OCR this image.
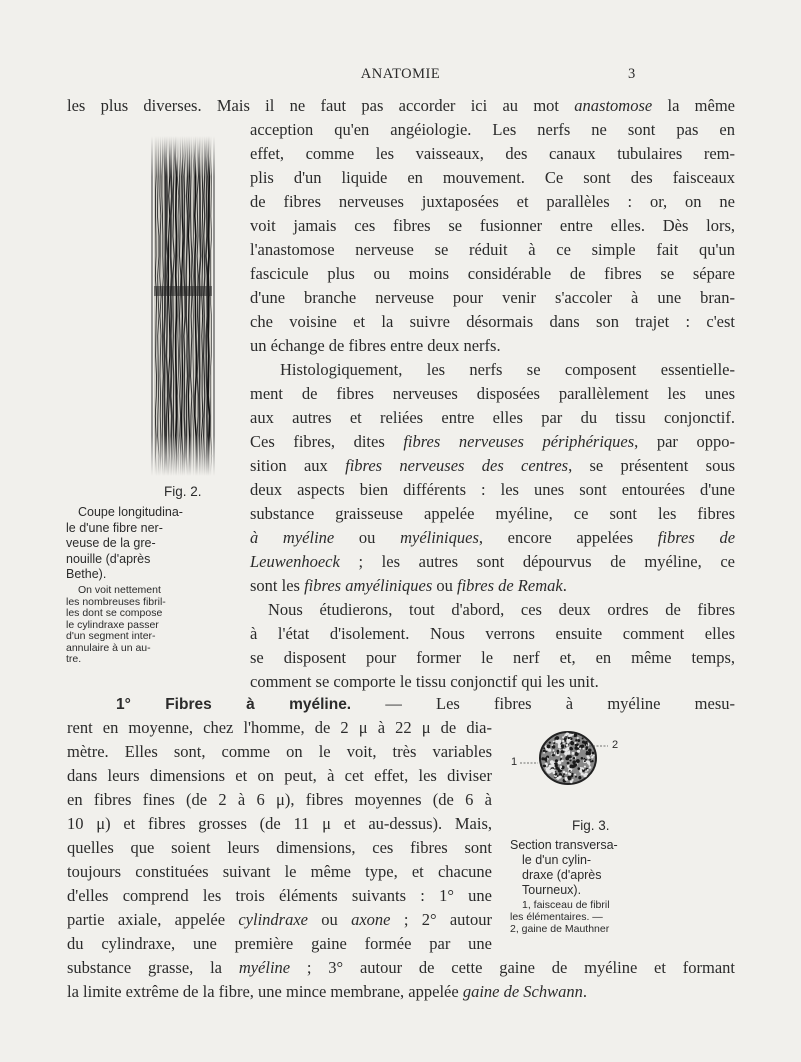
ANATOMIE	3
les plus diverses. Mais il ne faut pas accorder ici au mot anastomose la même
Fig. 2.
Coupe longitudina-
le d'une fibre ner-
veuse de la gre-
nouille (d'après
Bethe).
On voit nettement
les nombreuses fibril-
les dont se compose
le cylindraxe passer
d'un segment inter-
annulaire à un au-
tre.
acception qu'en angéiologie. Les nerfs ne sont pas en
effet, comme les vaisseaux, des canaux tubulaires rem-
plis d'un liquide en mouvement. Ce sont des faisceaux
de fibres nerveuses juxtaposées et parallèles : or, on ne
voit jamais ces fibres se fusionner entre elles. Dès lors,
l'anastomose nerveuse se réduit à ce simple fait qu'un
fascicule plus ou moins considérable de fibres se sépare
d'une branche nerveuse pour venir s'accoler à une bran-
che voisine et la suivre désormais dans son trajet : c'est
un échange de fibres entre deux nerfs.
Histologiquement, les nerfs se composent essentielle-
ment de fibres nerveuses disposées parallèlement les unes
aux autres et reliées entre elles par du tissu conjonctif.
Ces fibres, dites fibres nerveuses périphériques, par oppo-
sition aux fibres nerveuses des centres, se présentent sous
deux aspects bien différents : les unes sont entourées d'une
substance graisseuse appelée myéline, ce sont les fibres
à myéline ou myéliniques, encore appelées fibres de
Leuwenhoeck ; les autres sont dépourvus de myéline, ce
sont les fibres amyéliniques ou fibres de Remak.
Nous étudierons, tout d'abord, ces deux ordres de fibres
à l'état d'isolement. Nous verrons ensuite comment elles
se disposent pour former le nerf et, en même temps,
comment se comporte le tissu conjonctif qui les unit.
1° Fibres à myéline. — Les fibres à myéline mesu-
rent en moyenne, chez l'homme, de 2 μ à 22 μ de dia-
mètre. Elles sont, comme on le voit, très variables
dans leurs dimensions et on peut, à cet effet, les diviser
en fibres fines (de 2 à 6 μ), fibres moyennes (de 6 à
10 μ) et fibres grosses (de 11 μ et au-dessus). Mais,
quelles que soient leurs dimensions, ces fibres sont
toujours constituées suivant le même type, et chacune
d'elles comprend les trois éléments suivants : 1° une
partie axiale, appelée cylindraxe ou axone ; 2° autour
du cylindraxe, une première gaine formée par une
substance grasse, la myéline ; 3° autour de cette gaine de myéline et formant
la limite extrême de la fibre, une mince membrane, appelée gaine de Schwann.
2
1
Fig. 3.
Section transversa-
le d'un cylin-
draxe (d'après
Tourneux).
1, faisceau de fibril
les élémentaires. —
2, gaine de Mauthner
